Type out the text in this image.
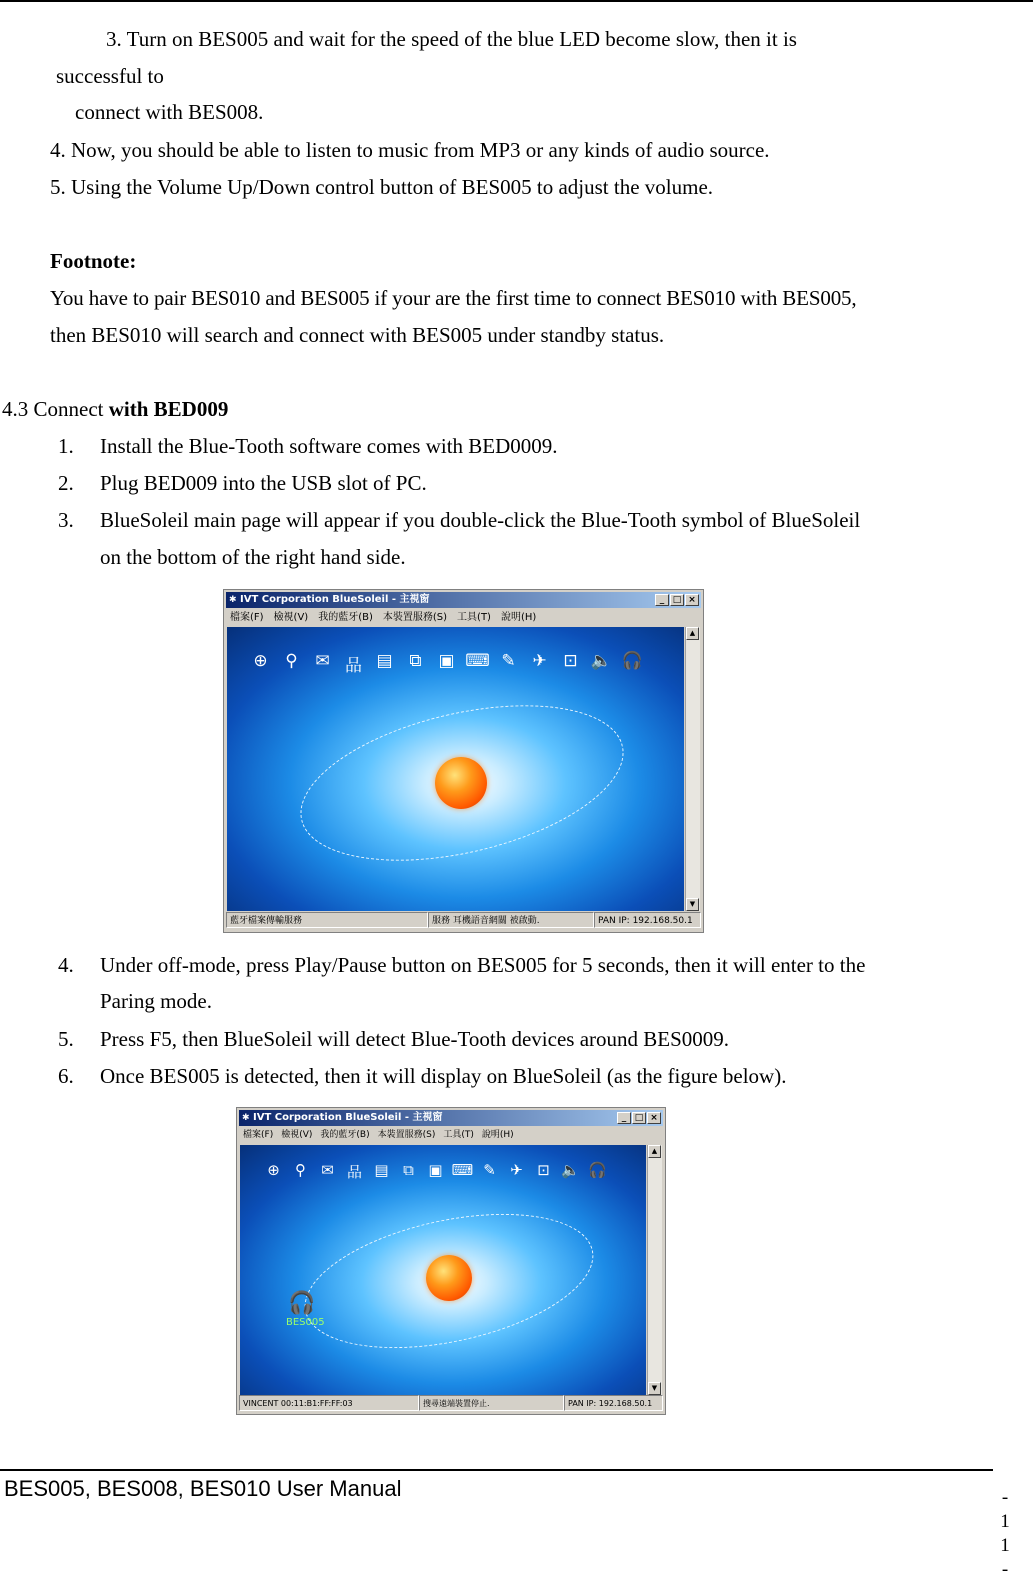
3. Turn on BES005 and wait for the speed of the blue LED become slow, then it is
successful to
connect with BES008.
4. Now, you should be able to listen to music from MP3 or any kinds of audio source.
5. Using the Volume Up/Down control button of BES005 to adjust the volume.
Footnote:
You have to pair BES010 and BES005 if your are the first time to connect BES010 with BES005,
then BES010 will search and connect with BES005 under standby status.
4.3 Connect with BED009
1. Install the Blue-Tooth software comes with BED0009.
2. Plug BED009 into the USB slot of PC.
3. BlueSoleil main page will appear if you double-click the Blue-Tooth symbol of BlueSoleil
on the bottom of the right hand side.
✱ IVT Corporation BlueSoleil - 主視窗	_ □ ×
檔案(F) 檢視(V) 我的藍牙(B) 本裝置服務(S) 工具(T) 說明(H)
⊕	⚲	✉ 品 ▤ ⧉ ▣ ⌨ ✎ ✈ ⊡ 🔈 🎧
▲
▼
藍牙檔案傳輸服務	服務 耳機語音網關 被啟動.	PAN IP: 192.168.50.1
4. Under off-mode, press Play/Pause button on BES005 for 5 seconds, then it will enter to the
Paring mode.
5. Press F5, then BlueSoleil will detect Blue-Tooth devices around BES0009.
6. Once BES005 is detected, then it will display on BlueSoleil (as the figure below).
✱ IVT Corporation BlueSoleil - 主視窗	_ □ ×
檔案(F) 檢視(V) 我的藍牙(B) 本裝置服務(S) 工具(T) 說明(H)
⊕	⚲	✉ 品 ▤ ⧉ ▣ ⌨ ✎ ✈ ⊡ 🔈 🎧
🎧
BES005
▲
▼
VINCENT 00:11:B1:FF:FF:03	搜尋遠端裝置停止.	PAN IP: 192.168.50.1
BES005, BES008, BES010 User Manual	-
1
1
-
